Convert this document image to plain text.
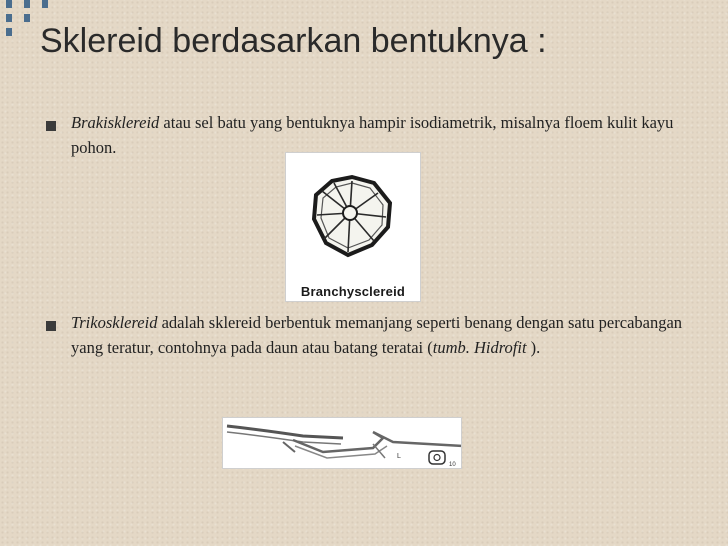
Sklereid berdasarkan bentuknya :
Brakisklereid atau sel batu yang bentuknya hampir isodiametrik, misalnya floem kulit kayu pohon.
Branchysclereid
Trikosklereid adalah sklereid berbentuk memanjang seperti benang dengan satu percabangan yang teratur, contohnya pada daun atau batang teratai (tumb. Hidrofit ).
L
10
